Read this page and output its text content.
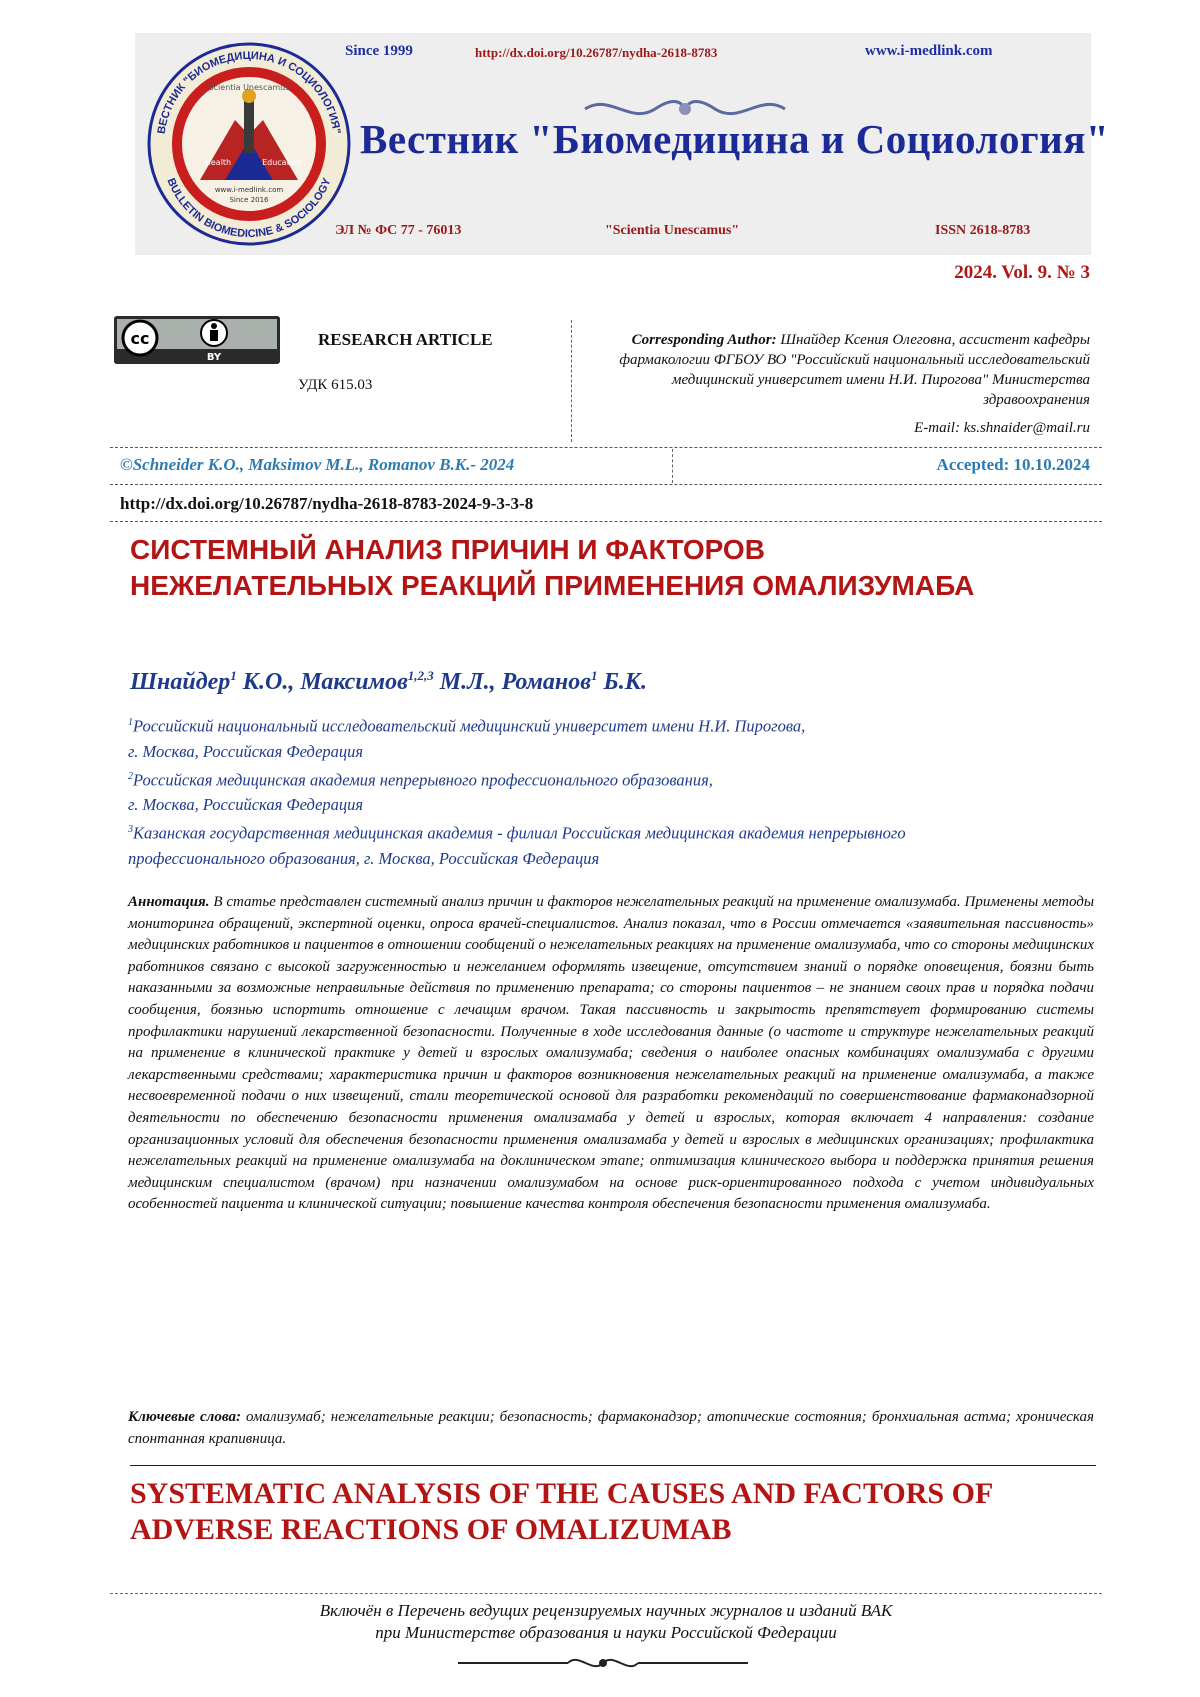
Since 1999	http://dx.doi.org/10.26787/nydha-2618-8783	www.i-medlink.com
Вестник "Биомедицина и Социология"
ЭЛ № ФС 77 - 76013	"Scientia Unescamus"	ISSN 2618-8783
ВЕСТНИК "БИОМЕДИЦИНА И СОЦИОЛОГИЯ"
BULLETIN BIOMEDICINE & SOCIOLOGY
Scientia Unescamus
Health	Education
www.i-medlink.com
Since 2016
2024. Vol. 9. № 3
cc
BY
RESEARCH ARTICLE
УДК 615.03
Corresponding Author: Шнайдер Ксения Олеговна, ассистент кафедры фармакологии ФГБОУ ВО "Российский национальный исследовательский медицинский университет имени Н.И. Пирогова" Министерства здравоохранения
E-mail: ks.shnaider@mail.ru
©Schneider K.O., Maksimov M.L., Romanov B.K.- 2024	Accepted: 10.10.2024
http://dx.doi.org/10.26787/nydha-2618-8783-2024-9-3-3-8
СИСТЕМНЫЙ АНАЛИЗ ПРИЧИН И ФАКТОРОВ НЕЖЕЛАТЕЛЬНЫХ РЕАКЦИЙ ПРИМЕНЕНИЯ ОМАЛИЗУМАБА
Шнайдер1 К.О., Максимов1,2,3 М.Л., Романов1 Б.К.
1Российский национальный исследовательский медицинский университет имени Н.И. Пирогова,
г. Москва, Российская Федерация
2Российская медицинская академия непрерывного профессионального образования,
г. Москва, Российская Федерация
3Казанская государственная медицинская академия - филиал Российская медицинская академия непрерывного
профессионального образования, г. Москва, Российская Федерация
Аннотация. В статье представлен системный анализ причин и факторов нежелательных реакций на применение омализумаба. Применены методы мониторинга обращений, экспертной оценки, опроса врачей-специалистов. Анализ показал, что в России отмечается «заявительная пассивность» медицинских работников и пациентов в отношении сообщений о нежелательных реакциях на применение омализумаба, что со стороны медицинских работников связано с высокой загруженностью и нежеланием оформлять извещение, отсутствием знаний о порядке оповещения, боязни быть наказанными за возможные неправильные действия по применению препарата; со стороны пациентов – не знанием своих прав и порядка подачи сообщения, боязнью испортить отношение с лечащим врачом. Такая пассивность и закрытость препятствует формированию системы профилактики нарушений лекарственной безопасности. Полученные в ходе исследования данные (о частоте и структуре нежелательных реакций на применение в клинической практике у детей и взрослых омализумаба; сведения о наиболее опасных комбинациях омализумаба с другими лекарственными средствами; характеристика причин и факторов возникновения нежелательных реакций на применение омализумаба, а также несвоевременной подачи о них извещений, стали теоретической основой для разработки рекомендаций по совершенствование фармаконадзорной деятельности по обеспечению безопасности применения омализамаба у детей и взрослых, которая включает 4 направления: создание организационных условий для обеспечения безопасности применения омализамаба у детей и взрослых в медицинских организациях; профилактика нежелательных реакций на применение омализумаба на доклиническом этапе; оптимизация клинического выбора и поддержка принятия решения медицинским специалистом (врачом) при назначении омализумабом на основе риск-ориентированного подхода с учетом индивидуальных особенностей пациента и клинической ситуации; повышение качества контроля обеспечения безопасности применения омализумаба.
Ключевые слова: омализумаб; нежелательные реакции; безопасность; фармаконадзор; атопические состояния; бронхиальная астма; хроническая спонтанная крапивница.
SYSTEMATIC ANALYSIS OF THE CAUSES AND FACTORS OF ADVERSE REACTIONS OF OMALIZUMAB
Включён в Перечень ведущих рецензируемых научных журналов и изданий ВАК
при Министерстве образования и науки Российской Федерации
